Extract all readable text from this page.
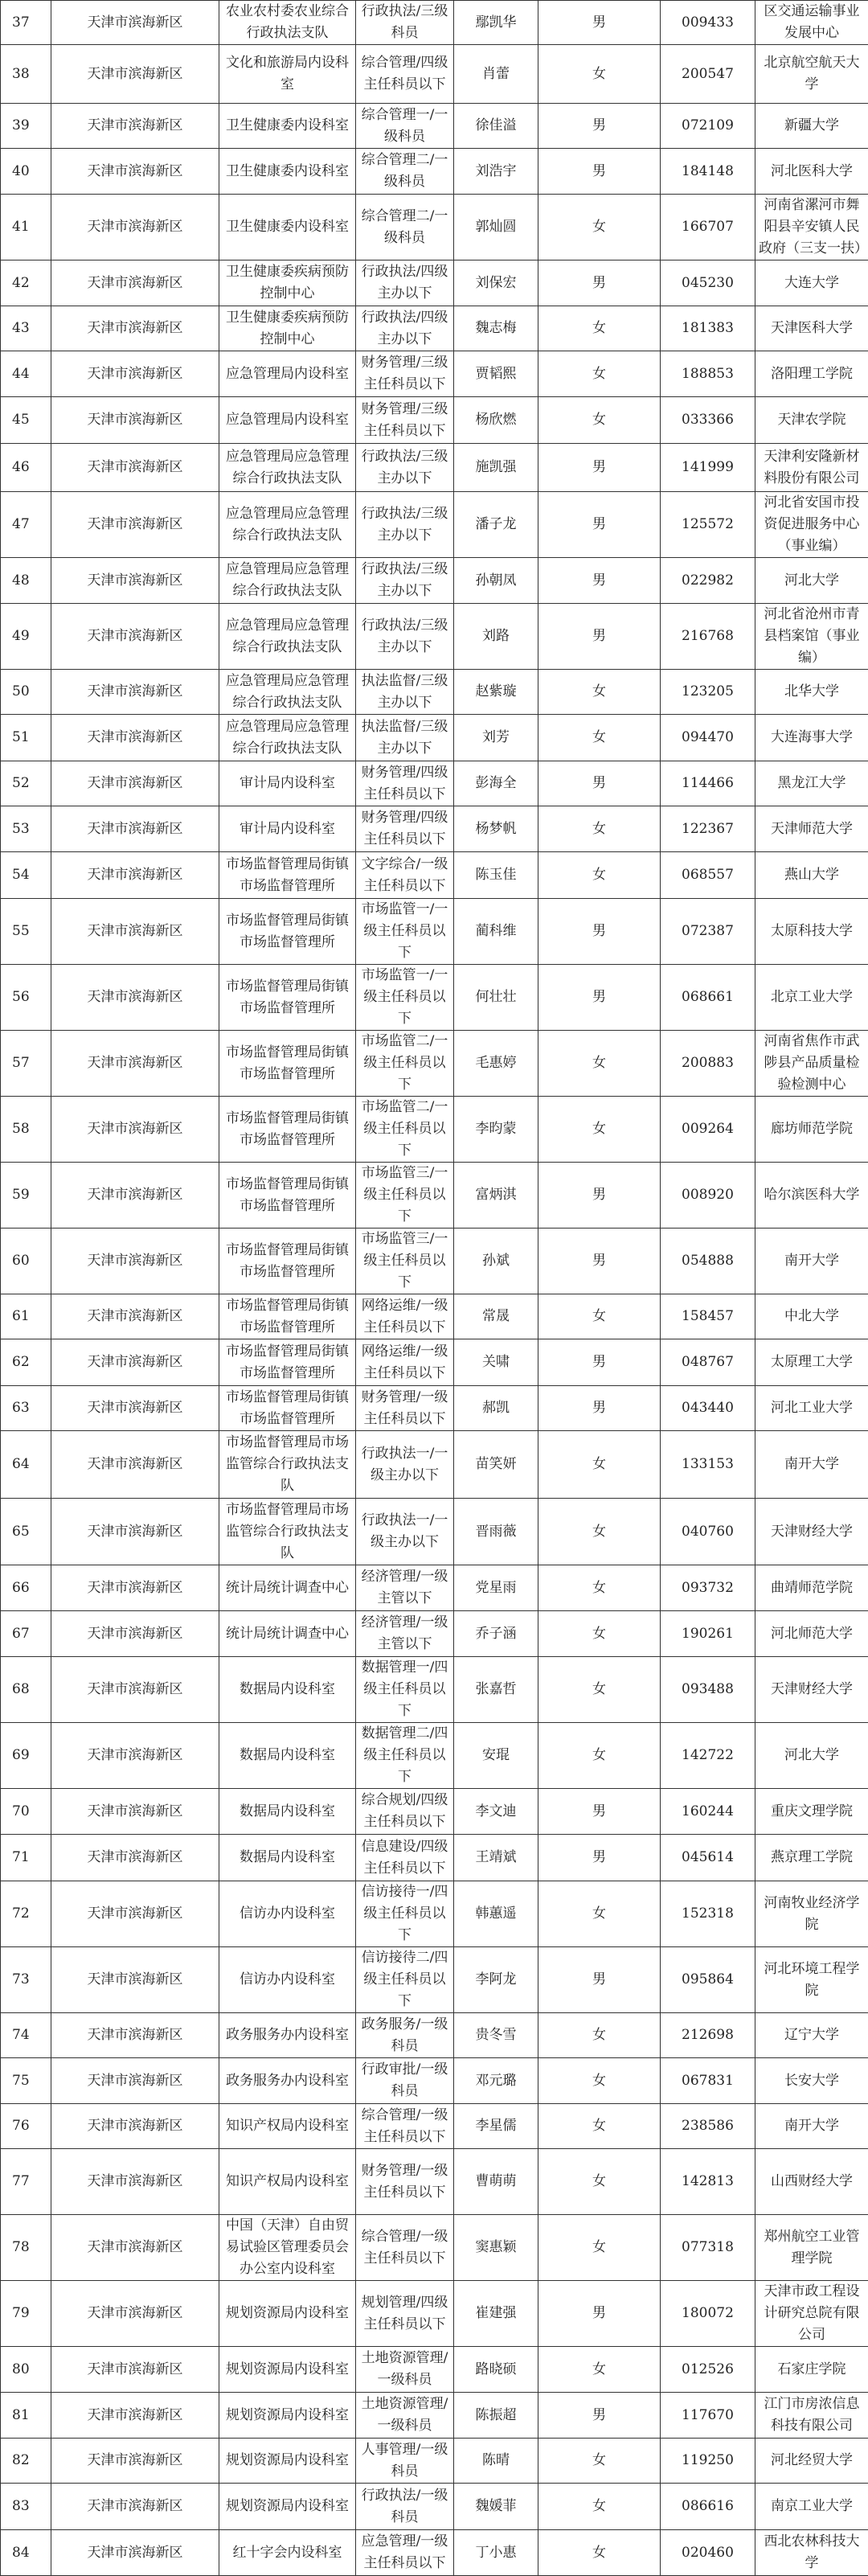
37	天津市滨海新区	农业农村委农业综合行政执法支队	行政执法/三级科员	鄢凯华	男	009433	区交通运输事业发展中心
38	天津市滨海新区	文化和旅游局内设科室	综合管理/四级主任科员以下	肖蕾	女	200547	北京航空航天大学
39	天津市滨海新区	卫生健康委内设科室	综合管理一/一级科员	徐佳溢	男	072109	新疆大学
40	天津市滨海新区	卫生健康委内设科室	综合管理二/一级科员	刘浩宇	男	184148	河北医科大学
41	天津市滨海新区	卫生健康委内设科室	综合管理二/一级科员	郭灿圆	女	166707	河南省漯河市舞阳县辛安镇人民政府（三支一扶）
42	天津市滨海新区	卫生健康委疾病预防控制中心	行政执法/四级主办以下	刘保宏	男	045230	大连大学
43	天津市滨海新区	卫生健康委疾病预防控制中心	行政执法/四级主办以下	魏志梅	女	181383	天津医科大学
44	天津市滨海新区	应急管理局内设科室	财务管理/三级主任科员以下	贾韬熙	女	188853	洛阳理工学院
45	天津市滨海新区	应急管理局内设科室	财务管理/三级主任科员以下	杨欣燃	女	033366	天津农学院
46	天津市滨海新区	应急管理局应急管理综合行政执法支队	行政执法/三级主办以下	施凯强	男	141999	天津利安隆新材料股份有限公司
47	天津市滨海新区	应急管理局应急管理综合行政执法支队	行政执法/三级主办以下	潘子龙	男	125572	河北省安国市投资促进服务中心（事业编）
48	天津市滨海新区	应急管理局应急管理综合行政执法支队	行政执法/三级主办以下	孙朝凤	男	022982	河北大学
49	天津市滨海新区	应急管理局应急管理综合行政执法支队	行政执法/三级主办以下	刘路	男	216768	河北省沧州市青县档案馆（事业编）
50	天津市滨海新区	应急管理局应急管理综合行政执法支队	执法监督/三级主办以下	赵紫璇	女	123205	北华大学
51	天津市滨海新区	应急管理局应急管理综合行政执法支队	执法监督/三级主办以下	刘芳	女	094470	大连海事大学
52	天津市滨海新区	审计局内设科室	财务管理/四级主任科员以下	彭海全	男	114466	黑龙江大学
53	天津市滨海新区	审计局内设科室	财务管理/四级主任科员以下	杨梦帆	女	122367	天津师范大学
54	天津市滨海新区	市场监督管理局街镇市场监督管理所	文字综合/一级主任科员以下	陈玉佳	女	068557	燕山大学
55	天津市滨海新区	市场监督管理局街镇市场监督管理所	市场监管一/一级主任科员以下	蔺科维	男	072387	太原科技大学
56	天津市滨海新区	市场监督管理局街镇市场监督管理所	市场监管一/一级主任科员以下	何壮壮	男	068661	北京工业大学
57	天津市滨海新区	市场监督管理局街镇市场监督管理所	市场监管二/一级主任科员以下	毛惠婷	女	200883	河南省焦作市武陟县产品质量检验检测中心
58	天津市滨海新区	市场监督管理局街镇市场监督管理所	市场监管二/一级主任科员以下	李昀蒙	女	009264	廊坊师范学院
59	天津市滨海新区	市场监督管理局街镇市场监督管理所	市场监管三/一级主任科员以下	富炳淇	男	008920	哈尔滨医科大学
60	天津市滨海新区	市场监督管理局街镇市场监督管理所	市场监管三/一级主任科员以下	孙斌	男	054888	南开大学
61	天津市滨海新区	市场监督管理局街镇市场监督管理所	网络运维/一级主任科员以下	常晟	女	158457	中北大学
62	天津市滨海新区	市场监督管理局街镇市场监督管理所	网络运维/一级主任科员以下	关啸	男	048767	太原理工大学
63	天津市滨海新区	市场监督管理局街镇市场监督管理所	财务管理/一级主任科员以下	郝凯	男	043440	河北工业大学
64	天津市滨海新区	市场监督管理局市场监管综合行政执法支队	行政执法一/一级主办以下	苗笑妍	女	133153	南开大学
65	天津市滨海新区	市场监督管理局市场监管综合行政执法支队	行政执法一/一级主办以下	晋雨薇	女	040760	天津财经大学
66	天津市滨海新区	统计局统计调查中心	经济管理/一级主管以下	党星雨	女	093732	曲靖师范学院
67	天津市滨海新区	统计局统计调查中心	经济管理/一级主管以下	乔子涵	女	190261	河北师范大学
68	天津市滨海新区	数据局内设科室	数据管理一/四级主任科员以下	张嘉哲	女	093488	天津财经大学
69	天津市滨海新区	数据局内设科室	数据管理二/四级主任科员以下	安琨	女	142722	河北大学
70	天津市滨海新区	数据局内设科室	综合规划/四级主任科员以下	李文迪	男	160244	重庆文理学院
71	天津市滨海新区	数据局内设科室	信息建设/四级主任科员以下	王靖斌	男	045614	燕京理工学院
72	天津市滨海新区	信访办内设科室	信访接待一/四级主任科员以下	韩蕙遥	女	152318	河南牧业经济学院
73	天津市滨海新区	信访办内设科室	信访接待二/四级主任科员以下	李阿龙	男	095864	河北环境工程学院
74	天津市滨海新区	政务服务办内设科室	政务服务/一级科员	贵冬雪	女	212698	辽宁大学
75	天津市滨海新区	政务服务办内设科室	行政审批/一级科员	邓元璐	女	067831	长安大学
76	天津市滨海新区	知识产权局内设科室	综合管理/一级主任科员以下	李星儒	女	238586	南开大学
77	天津市滨海新区	知识产权局内设科室	财务管理/一级主任科员以下	曹萌萌	女	142813	山西财经大学
78	天津市滨海新区	中国（天津）自由贸易试验区管理委员会办公室内设科室	综合管理/一级主任科员以下	窦惠颖	女	077318	郑州航空工业管理学院
79	天津市滨海新区	规划资源局内设科室	规划管理/四级主任科员以下	崔建强	男	180072	天津市政工程设计研究总院有限公司
80	天津市滨海新区	规划资源局内设科室	土地资源管理/一级科员	路晓硕	女	012526	石家庄学院
81	天津市滨海新区	规划资源局内设科室	土地资源管理/一级科员	陈振超	男	117670	江门市房浓信息科技有限公司
82	天津市滨海新区	规划资源局内设科室	人事管理/一级科员	陈晴	女	119250	河北经贸大学
83	天津市滨海新区	规划资源局内设科室	行政执法/一级科员	魏媛菲	女	086616	南京工业大学
84	天津市滨海新区	红十字会内设科室	应急管理/一级主任科员以下	丁小惠	女	020460	西北农林科技大学
